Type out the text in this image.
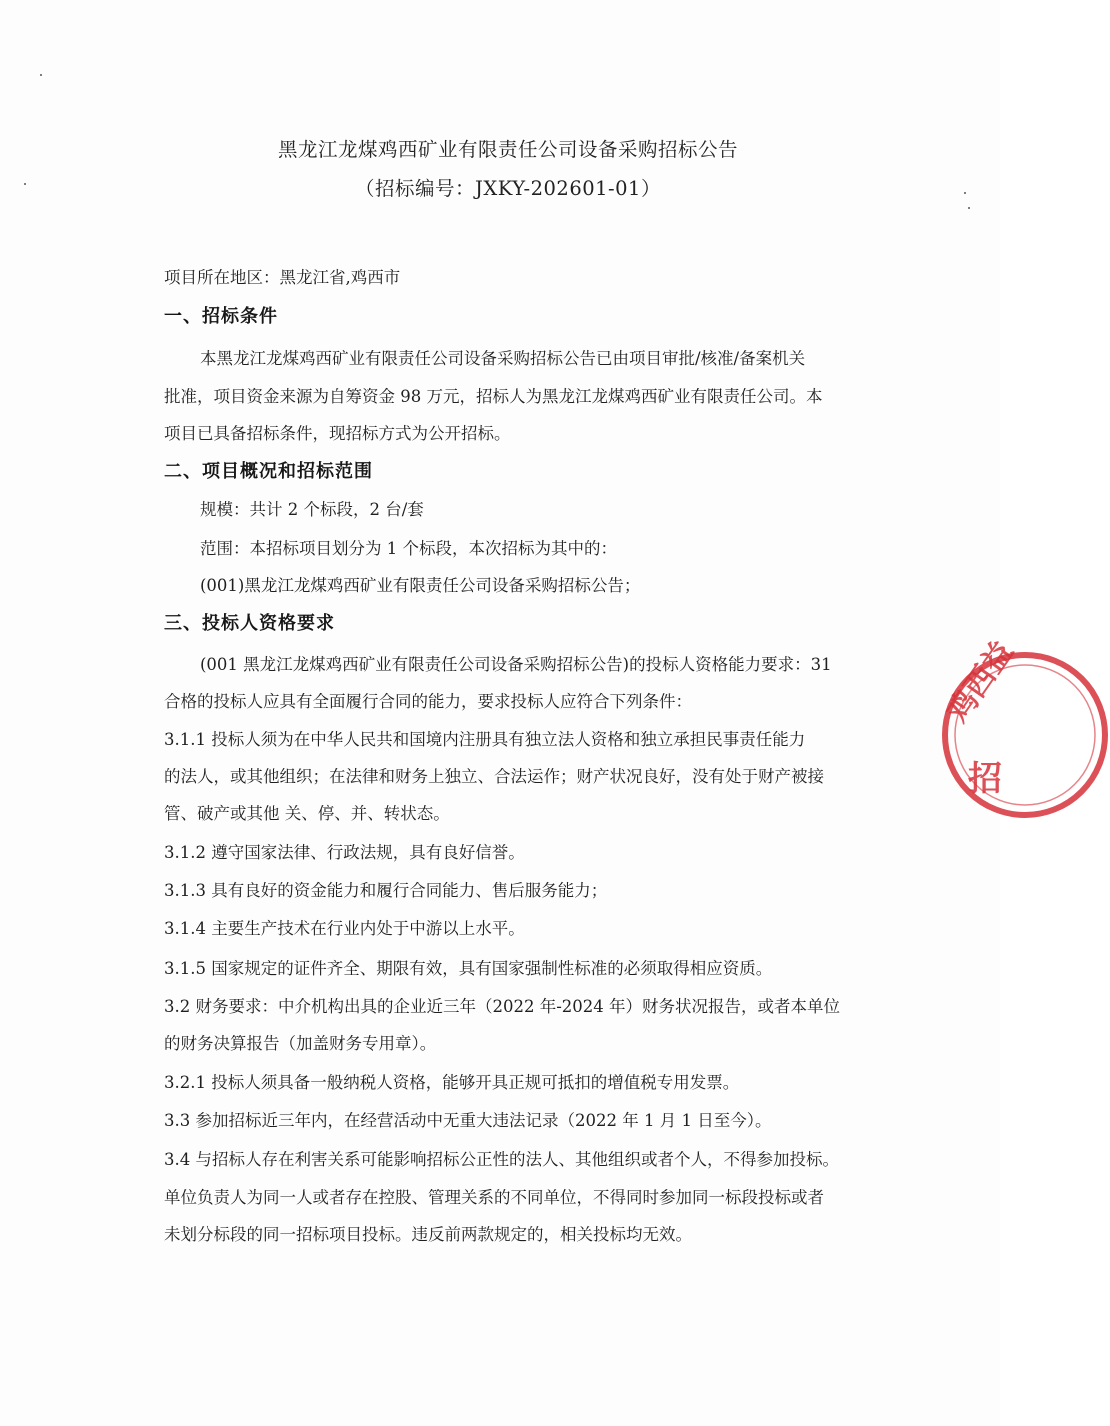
黑龙江龙煤鸡西矿业有限责任公司设备采购招标公告
（招标编号：JXKY-202601-01）
项目所在地区：黑龙江省,鸡西市
一、招标条件
本黑龙江龙煤鸡西矿业有限责任公司设备采购招标公告已由项目审批/核准/备案机关
批准，项目资金来源为自筹资金 98 万元，招标人为黑龙江龙煤鸡西矿业有限责任公司。本
项目已具备招标条件，现招标方式为公开招标。
二、项目概况和招标范围
规模：共计 2 个标段，2 台/套
范围：本招标项目划分为 1 个标段，本次招标为其中的：
(001)黑龙江龙煤鸡西矿业有限责任公司设备采购招标公告；
三、投标人资格要求
(001 黑龙江龙煤鸡西矿业有限责任公司设备采购招标公告)的投标人资格能力要求：31
合格的投标人应具有全面履行合同的能力，要求投标人应符合下列条件：
3.1.1 投标人须为在中华人民共和国境内注册具有独立法人资格和独立承担民事责任能力
的法人，或其他组织；在法律和财务上独立、合法运作；财产状况良好，没有处于财产被接
管、破产或其他 关、停、并、转状态。
3.1.2 遵守国家法律、行政法规，具有良好信誉。
3.1.3 具有良好的资金能力和履行合同能力、售后服务能力；
3.1.4 主要生产技术在行业内处于中游以上水平。
3.1.5 国家规定的证件齐全、期限有效，具有国家强制性标准的必须取得相应资质。
3.2 财务要求：中介机构出具的企业近三年（2022 年-2024 年）财务状况报告，或者本单位
的财务决算报告（加盖财务专用章）。
3.2.1 投标人须具备一般纳税人资格，能够开具正规可抵扣的增值税专用发票。
3.3 参加招标近三年内，在经营活动中无重大违法记录（2022 年 1 月 1 日至今）。
3.4 与招标人存在利害关系可能影响招标公正性的法人、其他组织或者个人，不得参加投标。
单位负责人为同一人或者存在控股、管理关系的不同单位，不得同时参加同一标段投标或者
未划分标段的同一招标项目投标。违反前两款规定的，相关投标均无效。
鸡西益
招
